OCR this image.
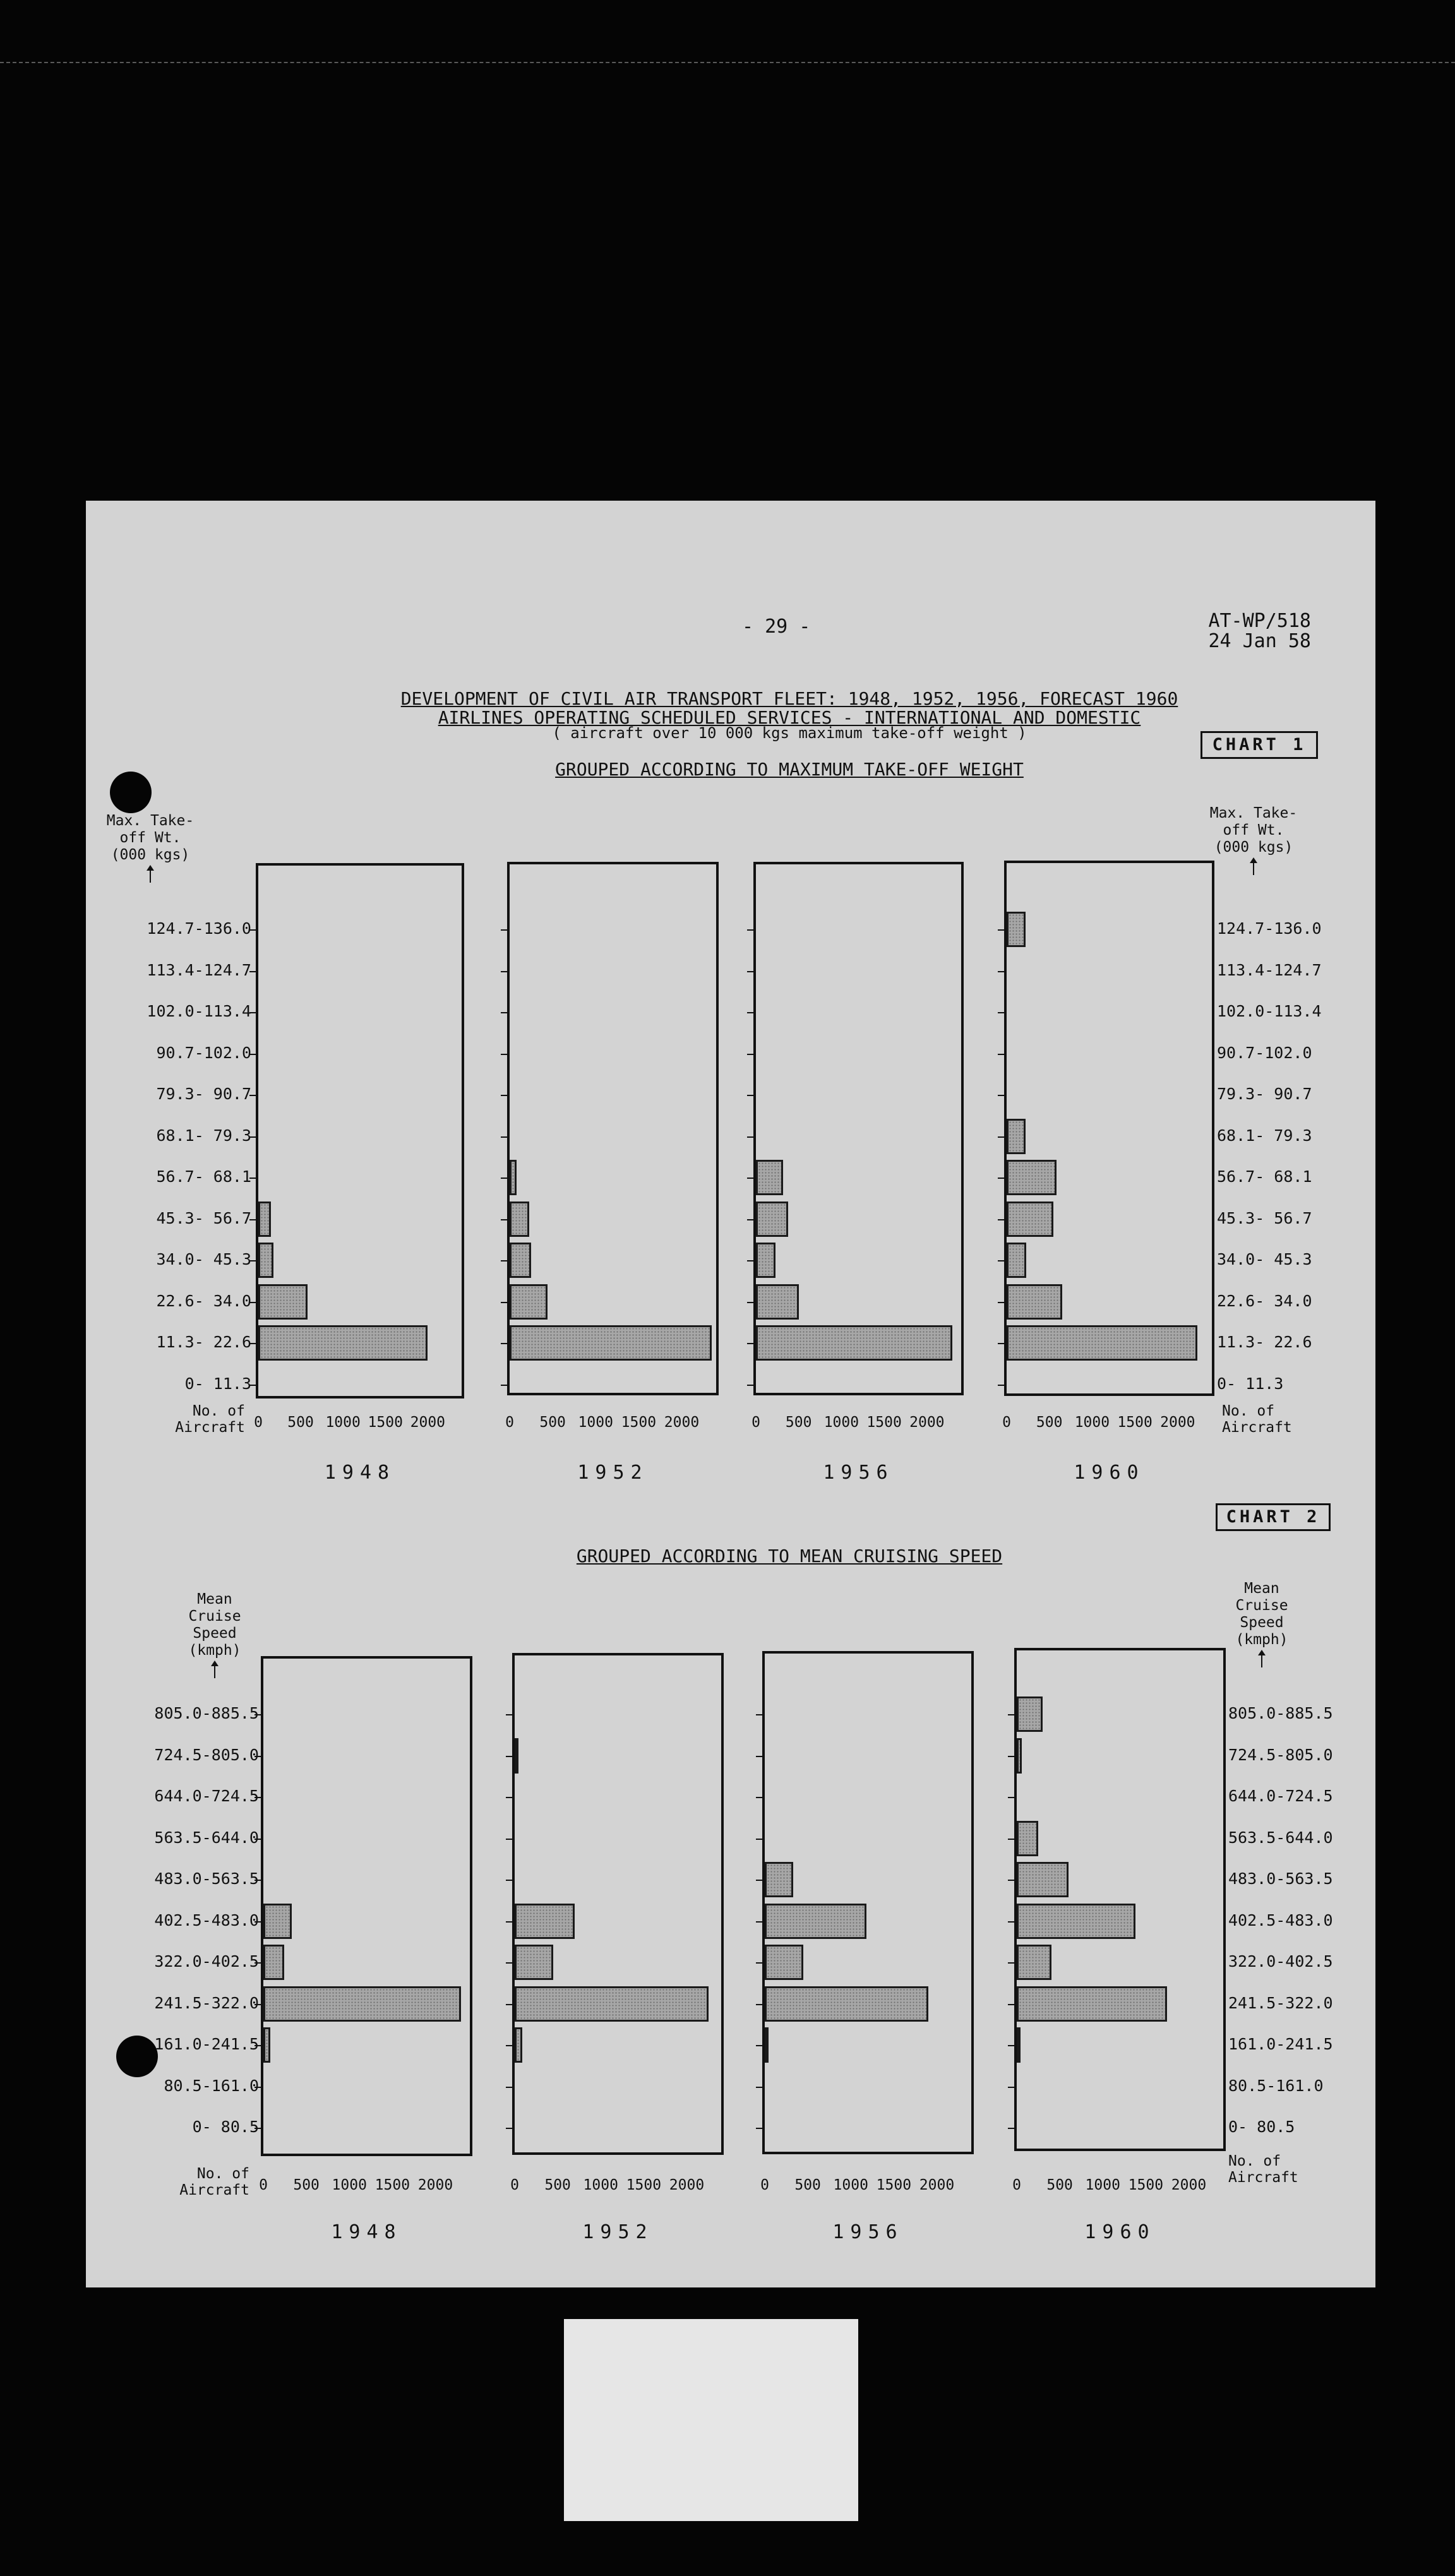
- 29 -	AT-WP/518
24 Jan 58
DEVELOPMENT OF CIVIL AIR TRANSPORT FLEET: 1948, 1952, 1956, FORECAST 1960
AIRLINES OPERATING SCHEDULED SERVICES - INTERNATIONAL AND DOMESTIC
( aircraft over 10 000 kgs maximum take-off weight )
CHART 1
GROUPED ACCORDING TO MAXIMUM TAKE-OFF WEIGHT
CHART 2
GROUPED ACCORDING TO MEAN CRUISING SPEED
124.7-136.0	124.7-136.0
113.4-124.7	113.4-124.7
102.0-113.4	102.0-113.4
90.7-102.0	90.7-102.0
79.3- 90.7	79.3- 90.7
68.1- 79.3	68.1- 79.3
56.7- 68.1	56.7- 68.1
45.3- 56.7	45.3- 56.7
34.0- 45.3	34.0- 45.3
22.6- 34.0	22.6- 34.0
11.3- 22.6	11.3- 22.6
0- 11.3	0- 11.3
Max. Take-
off Wt.
(000 kgs)
Max. Take-
off Wt.
(000 kgs)
No. of
Aircraft
No. of
Aircraft
0 500 1000 1500 2000
1948
0 500 1000 1500 2000
1952
0 500 1000 1500 2000
1956
0 500 1000 1500 2000
1960
805.0-885.5	805.0-885.5
724.5-805.0	724.5-805.0
644.0-724.5	644.0-724.5
563.5-644.0	563.5-644.0
483.0-563.5	483.0-563.5
402.5-483.0	402.5-483.0
322.0-402.5	322.0-402.5
241.5-322.0	241.5-322.0
161.0-241.5	161.0-241.5
80.5-161.0	80.5-161.0
0- 80.5	0- 80.5
Mean
Cruise
Speed
(kmph)
Mean
Cruise
Speed
(kmph)
No. of
Aircraft
No. of
Aircraft
0 500 1000 1500 2000
1948
0 500 1000 1500 2000
1952
0 500 1000 1500 2000
1956
0 500 1000 1500 2000
1960
